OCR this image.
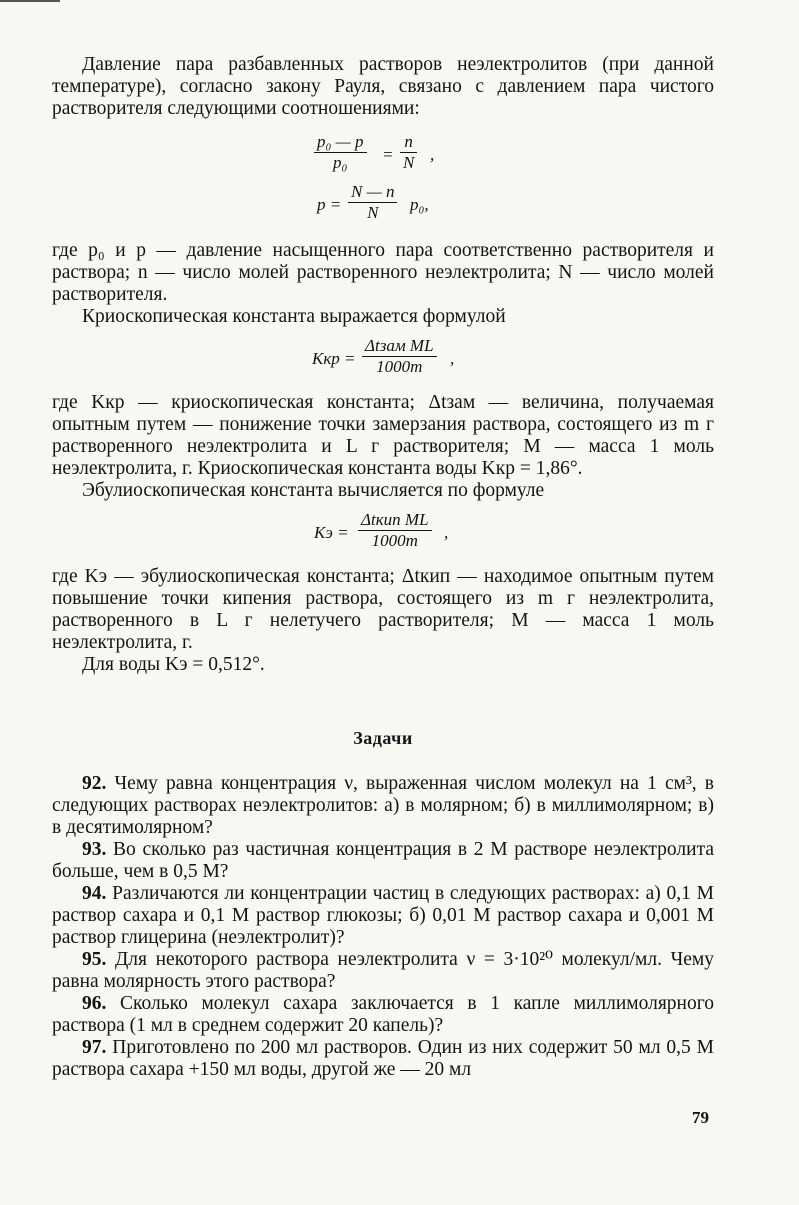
Давление пара разбавленных растворов неэлектролитов (при данной температуре), согласно закону Рауля, связано с давлением пара чистого растворителя следующими соотношениями:

$\frac{\text{p₀ — p}}{\text{p₀}} = \frac{n}{N}$ ,
$p = \frac{N — n}{N} p_0$,

где p₀ и p — давление насыщенного пара соответственно растворителя и раствора; n — число молей растворенного неэлектролита; N — число молей растворителя.

Криоскопическая константа выражается формулой

Kкр =
Δtзам ML
1000m	,

где Kкр — криоскопическая константа; Δtзам — величина, получаемая опытным путем — понижение точки замерзания раствора, состоящего из m г растворенного неэлектролита и L г растворителя; M — масса 1 моль неэлектролита, г. Криоскопическая константа воды Kкр = 1,86°.

Эбулиоскопическая константа вычисляется по формуле

Kэ =
Δtкип ML
1000m	,

где Kэ — эбулиоскопическая константа; Δtкип — находимое опытным путем повышение точки кипения раствора, состоящего из m г неэлектролита, растворенного в L г нелетучего растворителя; M — масса 1 моль неэлектролита, г.

Для воды Kэ = 0,512°.

Задачи

92. Чему равна концентрация ν, выраженная числом молекул на 1 см³, в следующих растворах неэлектролитов: а) в молярном; б) в миллимолярном; в) в десятимолярном?

93. Во сколько раз частичная концентрация в 2 М растворе неэлектролита больше, чем в 0,5 М?

94. Различаются ли концентрации частиц в следующих растворах: а) 0,1 М раствор сахара и 0,1 М раствор глюкозы; б) 0,01 М раствор сахара и 0,001 М раствор глицерина (неэлектролит)?

95. Для некоторого раствора неэлектролита ν = 3·10²⁰ молекул/мл. Чему равна молярность этого раствора?

96. Сколько молекул сахара заключается в 1 капле миллимолярного раствора (1 мл в среднем содержит 20 капель)?

97. Приготовлено по 200 мл растворов. Один из них содержит 50 мл 0,5 М раствора сахара +150 мл воды, другой же — 20 мл

79
